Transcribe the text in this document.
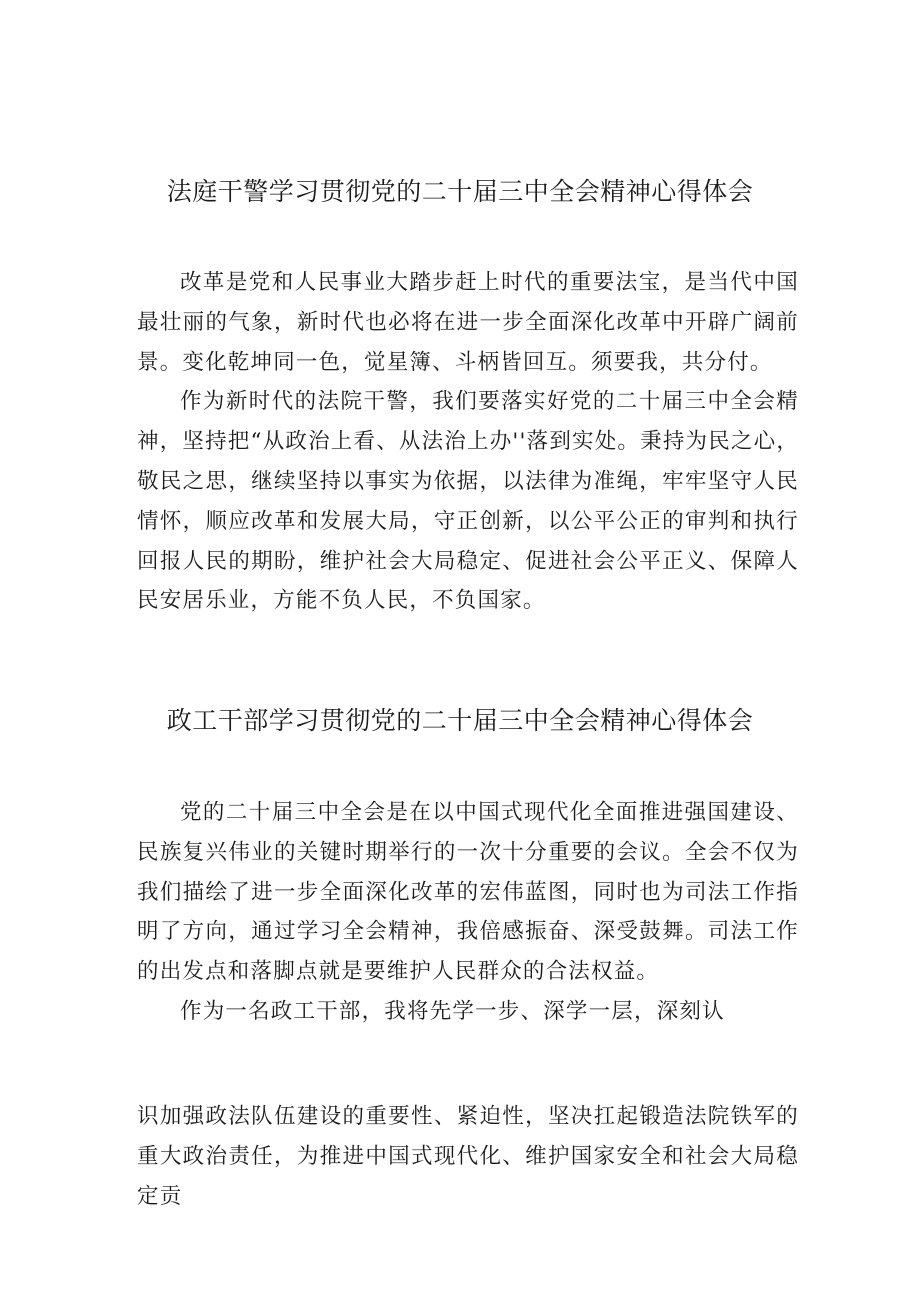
法庭干警学习贯彻党的二十届三中全会精神心得体会

改革是党和人民事业大踏步赶上时代的重要法宝，是当代中国最壮丽的气象，新时代也必将在进一步全面深化改革中开辟广阔前景。变化乾坤同一色，觉星簿、斗柄皆回互。须要我，共分付。

作为新时代的法院干警，我们要落实好党的二十届三中全会精神，坚持把“从政治上看、从法治上办''落到实处。秉持为民之心，敬民之思，继续坚持以事实为依据，以法律为准绳，牢牢坚守人民情怀，顺应改革和发展大局，守正创新，以公平公正的审判和执行回报人民的期盼，维护社会大局稳定、促进社会公平正义、保障人民安居乐业，方能不负人民，不负国家。

政工干部学习贯彻党的二十届三中全会精神心得体会

党的二十届三中全会是在以中国式现代化全面推进强国建设、民族复兴伟业的关键时期举行的一次十分重要的会议。全会不仅为我们描绘了进一步全面深化改革的宏伟蓝图，同时也为司法工作指明了方向，通过学习全会精神，我倍感振奋、深受鼓舞。司法工作的出发点和落脚点就是要维护人民群众的合法权益。

作为一名政工干部，我将先学一步、深学一层，深刻认

识加强政法队伍建设的重要性、紧迫性，坚决扛起锻造法院铁军的重大政治责任，为推进中国式现代化、维护国家安全和社会大局稳定贡
